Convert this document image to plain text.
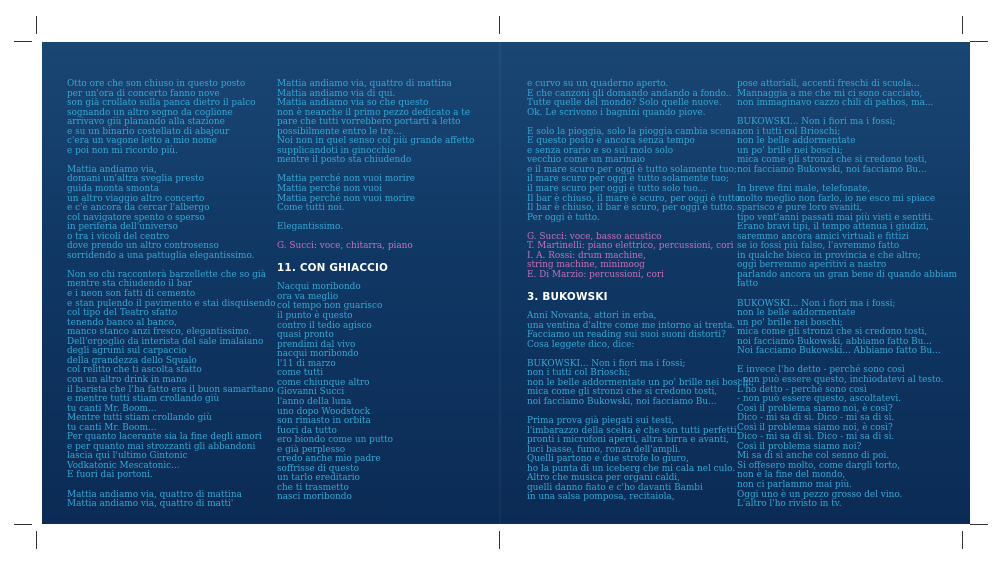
Otto ore che son chiuso in questo posto
per un'ora di concerto fanno nove
son già crollato sulla panca dietro il palco
sognando un altro sogno da coglione
arrivavo giù planando alla stazione
e su un binario costellato di abajour
c'era un vagone letto a mio nome
e poi non mi ricordo più.
Mattia andiamo via,
domani un'altra sveglia presto
guida monta smonta
un altro viaggio altro concerto
e c'è ancora da cercar l'albergo
col navigatore spento o sperso
in periferia dell'universo
o tra i vicoli del centro
dove prendo un altro controsenso
sorridendo a una pattuglia elegantissimo.
Non so chi racconterà barzellette che so già
mentre sta chiudendo il bar
e i neon son fatti di cemento
e stan pulendo il pavimento e stai disquisendo
col tipo del Teatro sfatto
tenendo banco al banco,
manco stanco anzi fresco, elegantissimo.
Dell'orgoglio da interista del sale imalaiano
degli agrumi sul carpaccio
della grandezza dello Squalo
col relitto che ti ascolta sfatto
con un altro drink in mano
il barista che l'ha fatto era il buon samaritano
e mentre tutti stiam crollando giù
tu canti Mr. Boom...
Mentre tutti stiam crollando giù
tu canti Mr. Boom...
Per quanto lacerante sia la fine degli amori
e per quanto mai strozzanti gli abbandoni
lascia qui l'ultimo Gintonic
Vodkatonic Mescatonic...
E fuori dai portoni.
Mattia andiamo via, quattro di mattina
Mattia andiamo via, quattro di matti'
Mattia andiamo via, quattro di mattina
Mattia andiamo via di qui.
Mattia andiamo via so che questo
non è neanche il primo pezzo dedicato a te
pare che tutti vorrebbero portarti a letto
possibilmente entro le tre...
Noi non in quel senso col più grande affetto
supplicandoti in ginocchio
mentre il posto sta chiudendo
Mattia perché non vuoi morire
Mattia perché non vuoi
Mattia perché non vuoi morire
Come tutti noi.
Elegantissimo.
G. Succi: voce, chitarra, piano
11. CON GHIACCIO
Nacqui moribondo
ora va meglio
col tempo non guarisco
il punto è questo
contro il tedio agisco
quasi pronto
prendimi dal vivo
nacqui moribondo
l'11 di marzo
come tutti
come chiunque altro
Giovanni Succi
l'anno della luna
uno dopo Woodstock
son rimasto in orbita
fuori da tutto
ero biondo come un putto
e già perplesso
credo anche mio padre
soffrisse di questo
un tarlo ereditario
che ti trasmetto
nasci moribondo
e curvo su un quaderno aperto.
E che canzoni gli domando andando a fondo..
Tutte quelle del mondo? Solo quelle nuove.
Ok. Le scrivono i bagnini quando piove.
E solo la pioggia, solo la pioggia cambia scena.
E questo posto è ancora senza tempo
e senza orario e so sul molo solo
vecchio come un marinaio
e il mare scuro per oggi è tutto solamente tuo;
il mare scuro per oggi è tutto solamente tuo;
il mare scuro per oggi è tutto solo tuo...
Il bar è chiuso, il mare è scuro, per oggi è tutto.
Il bar è chiuso, il bar è scuro, per oggi è tutto.
Per oggi è tutto.
G. Succi: voce, basso acustico
T. Martinelli: piano elettrico, percussioni, cori
I. A. Rossi: drum machine,
string machine, minimoog
E. Di Marzio: percussioni, cori
3. BUKOWSKI
Anni Novanta, attori in erba,
una ventina d'altre come me intorno ai trenta.
Facciamo un reading sui suoi suoni distorti?
Cosa leggete dico, dice:
BUKOWSKI... Non i fiori ma i fossi;
non i tutti col Brioschi;
non le belle addormentate un po' brille nei boschi;
mica come gli stronzi che si credono tosti,
noi facciamo Bukowski, noi facciamo Bu...
Prima prova già piegati sui testi,
l'imbarazzo della scelta è che son tutti perfetti,
pronti i microfoni aperti, altra birra e avanti,
luci basse, fumo, ronza dell'ampli.
Quelli partono e due strofe lo giuro,
ho la punta di un iceberg che mi cala nel culo.
Altro che musica per organi caldi,
quelli danno fiato e c'ho davanti Bambi
in una salsa pomposa, recitaiola,
pose attoriali, accenti freschi di scuola...
Mannaggia a me che mi ci sono cacciato,
non immaginavo cazzo chili di pathos, ma...
BUKOWSKI... Non i fiori ma i fossi;
non i tutti col Brioschi;
non le belle addormentate
un po' brille nei boschi;
mica come gli stronzi che si credono tosti,
noi facciamo Bukowski, noi facciamo Bu...
In breve fini male, telefonate,
molto meglio non farlo, io ne esco mi spiace
sparisco e pure loro svaniti,
tipo vent'anni passati mai più visti e sentiti.
Erano bravi tipi, il tempo attenua i giudizi,
saremmo ancora amici virtuali e fittizi
se io fossi più falso, l'avremmo fatto
in qualche bieco in provincia e che altro;
oggi berremmo aperitivi a nastro
parlando ancora un gran bene di quando abbiam
fatto
BUKOWSKI... Non i fiori ma i fossi;
non le belle addormentate
un po' brille nei boschi;
mica come gli stronzi che si credono tosti,
noi facciamo Bukowski, abbiamo fatto Bu...
Noi facciamo Bukowski... Abbiamo fatto Bu...
E invece l'ho detto - perché sono così
- non può essere questo, inchiodatevi al testo.
L'ho detto - perché sono così
- non può essere questo, ascoltatevi.
Così il problema siamo noi, è così?
Dico - mi sa di sì. Dico - mi sa di sì.
Così il problema siamo noi, è così?
Dico - mi sa di sì. Dico - mi sa di sì.
Così il problema siamo noi?
Mi sa di sì anche col senno di poi.
Si offesero molto, come dargli torto,
non è la fine del mondo,
non ci parlammo mai più.
Oggi uno è un pezzo grosso del vino.
L'altro l'ho rivisto in tv.
